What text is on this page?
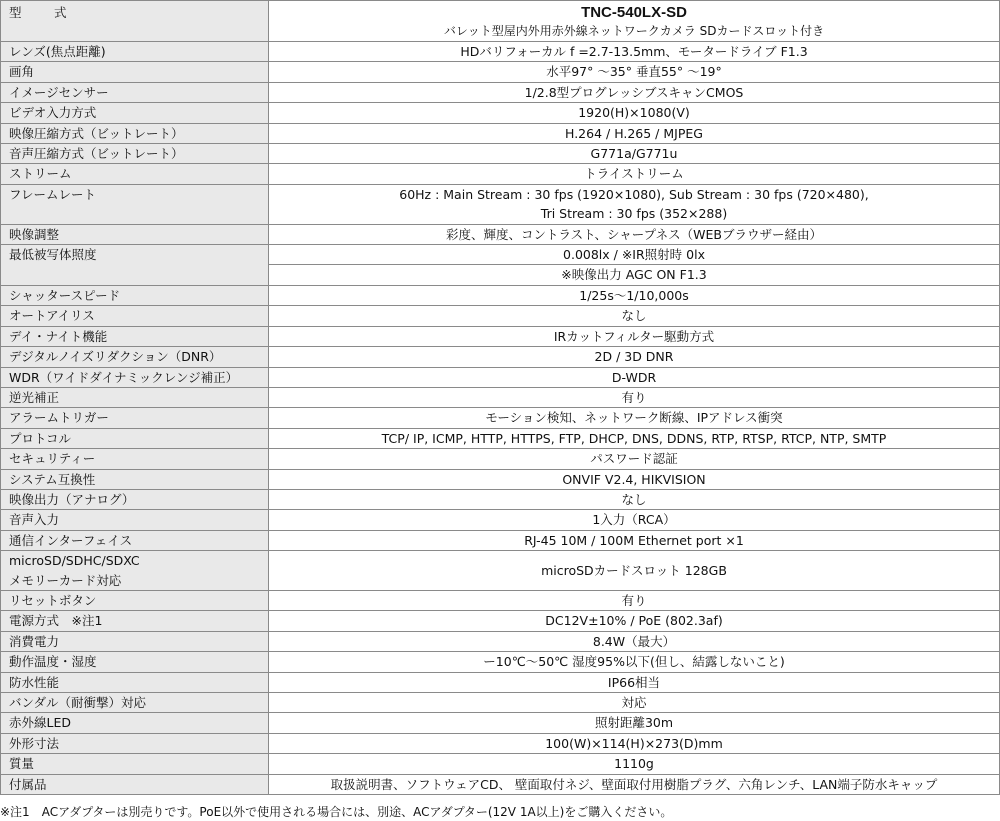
型　式	TNC-540LX-SD
バレット型屋内外用赤外線ネットワークカメラ SDカードスロット付き

レンズ(焦点距離)	HDバリフォーカル f =2.7-13.5mm、モータードライブ F1.3

画角	水平97° ～35° 垂直55° ～19°

イメージセンサー	1/2.8型プログレッシブスキャンCMOS

ビデオ入力方式	1920(H)×1080(V)

映像圧縮方式（ビットレート）	H.264 / H.265 / MJPEG

音声圧縮方式（ビットレート）	G771a/G771u

ストリーム	トライストリーム

フレームレート	60Hz : Main Stream : 30 fps (1920×1080), Sub Stream : 30 fps (720×480),
Tri Stream : 30 fps (352×288)

映像調整	彩度、輝度、コントラスト、シャープネス（WEBブラウザー経由）

最低被写体照度	0.008lx / ※IR照射時 0lx
	※映像出力 AGC ON F1.3

シャッタースピード	1/25s～1/10,000s

オートアイリス	なし

デイ・ナイト機能	IRカットフィルター駆動方式

デジタルノイズリダクション（DNR）	2D / 3D DNR

WDR（ワイドダイナミックレンジ補正）	D-WDR

逆光補正	有り

アラームトリガー	モーション検知、ネットワーク断線、IPアドレス衝突

プロトコル	TCP/ IP, ICMP, HTTP, HTTPS, FTP, DHCP, DNS, DDNS, RTP, RTSP, RTCP, NTP, SMTP

セキュリティー	パスワード認証

システム互換性	ONVIF V2.4, HIKVISION

映像出力（アナログ）	なし

音声入力	1入力（RCA）

通信インターフェイス	RJ-45 10M / 100M Ethernet port ×1

microSD/SDHC/SDXC
メモリーカード対応	microSDカードスロット 128GB

リセットボタン	有り

電源方式　※注1	DC12V±10% / PoE (802.3af)

消費電力	8.4W（最大）

動作温度・湿度	ー10℃～50℃ 湿度95%以下(但し、結露しないこと)

防水性能	IP66相当

バンダル（耐衝撃）対応	対応

赤外線LED	照射距離30m

外形寸法	100(W)×114(H)×273(D)mm

質量	1110g

付属品	取扱説明書、ソフトウェアCD、 壁面取付ネジ、壁面取付用樹脂プラグ、六角レンチ、LAN端子防水キャップ
※注1　ACアダプターは別売りです。PoE以外で使用される場合には、別途、ACアダプター(12V 1A以上)をご購入ください。
